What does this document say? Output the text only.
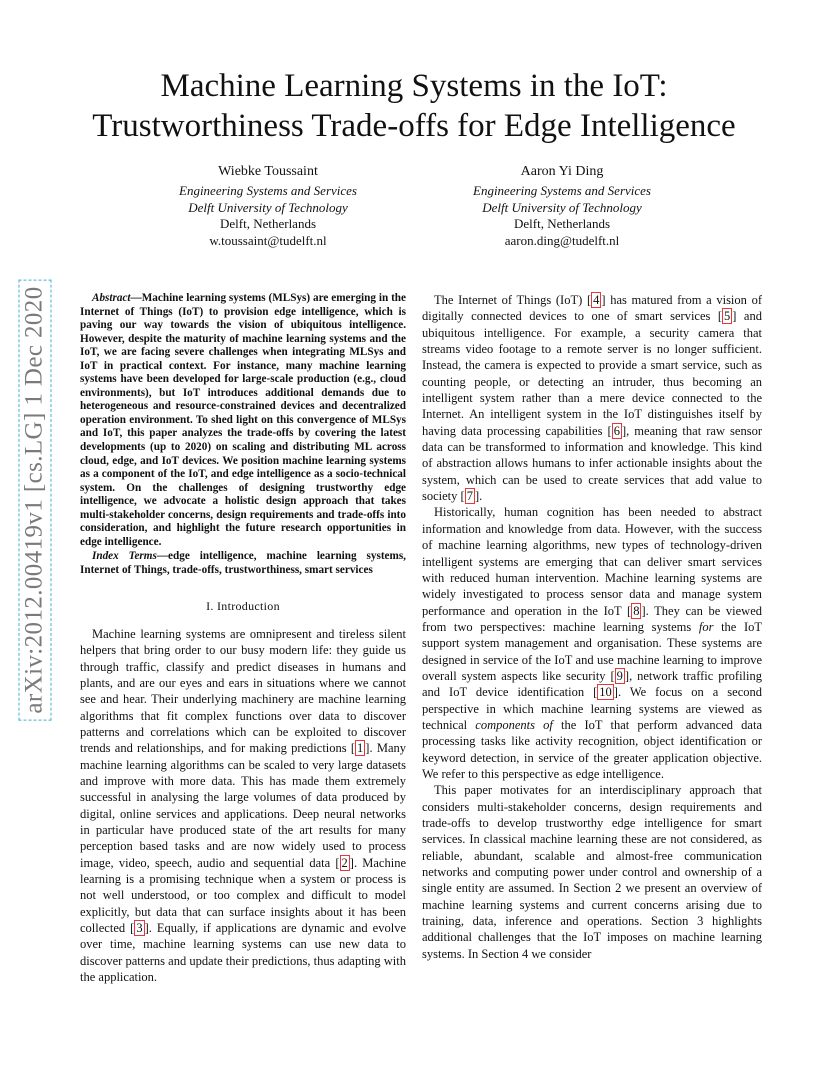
arXiv:2012.00419v1 [cs.LG] 1 Dec 2020
Machine Learning Systems in the IoT:
Trustworthiness Trade-offs for Edge Intelligence
Wiebke Toussaint
Engineering Systems and Services
Delft University of Technology
Delft, Netherlands
w.toussaint@tudelft.nl
Aaron Yi Ding
Engineering Systems and Services
Delft University of Technology
Delft, Netherlands
aaron.ding@tudelft.nl
Abstract—Machine learning systems (MLSys) are emerging in the Internet of Things (IoT) to provision edge intelligence, which is paving our way towards the vision of ubiquitous intelligence. However, despite the maturity of machine learning systems and the IoT, we are facing severe challenges when integrating MLSys and IoT in practical context. For instance, many machine learning systems have been developed for large-scale production (e.g., cloud environments), but IoT introduces additional demands due to heterogeneous and resource-constrained devices and decentralized operation environment. To shed light on this convergence of MLSys and IoT, this paper analyzes the trade-offs by covering the latest developments (up to 2020) on scaling and distributing ML across cloud, edge, and IoT devices. We position machine learning systems as a component of the IoT, and edge intelligence as a socio-technical system. On the challenges of designing trustworthy edge intelligence, we advocate a holistic design approach that takes multi-stakeholder concerns, design requirements and trade-offs into consideration, and highlight the future research opportunities in edge intelligence.
Index Terms—edge intelligence, machine learning systems, Internet of Things, trade-offs, trustworthiness, smart services
I. Introduction

Machine learning systems are omnipresent and tireless silent helpers that bring order to our busy modern life: they guide us through traffic, classify and predict diseases in humans and plants, and are our eyes and ears in situations where we cannot see and hear. Their underlying machinery are machine learning algorithms that fit complex functions over data to discover patterns and correlations which can be exploited to discover trends and relationships, and for making predictions [ 1 ]. Many machine learning algorithms can be scaled to very large datasets and improve with more data. This has made them extremely successful in analysing the large volumes of data produced by digital, online services and applications. Deep neural networks in particular have produced state of the art results for many perception based tasks and are now widely used to process image, video, speech, audio and sequential data [ 2 ]. Machine learning is a promising technique when a system or process is not well understood, or too complex and difficult to model explicitly, but data that can surface insights about it has been collected [ 3 ]. Equally, if applications are dynamic and evolve over time, machine learning systems can use new data to discover patterns and update their predictions, thus adapting with the application.

The Internet of Things (IoT) [ 4 ] has matured from a vision of digitally connected devices to one of smart services [ 5 ] and ubiquitous intelligence. For example, a security camera that streams video footage to a remote server is no longer sufficient. Instead, the camera is expected to provide a smart service, such as counting people, or detecting an intruder, thus becoming an intelligent system rather than a mere device connected to the Internet. An intelligent system in the IoT distinguishes itself by having data processing capabilities [ 6 ], meaning that raw sensor data can be transformed to information and knowledge. This kind of abstraction allows humans to infer actionable insights about the system, which can be used to create services that add value to society [ 7 ].

Historically, human cognition has been needed to abstract information and knowledge from data. However, with the success of machine learning algorithms, new types of technology-driven intelligent systems are emerging that can deliver smart services with reduced human intervention. Machine learning systems are widely investigated to process sensor data and manage system performance and operation in the IoT [ 8 ]. They can be viewed from two perspectives: machine learning systems for the IoT support system management and organisation. These systems are designed in service of the IoT and use machine learning to improve overall system aspects like security [ 9 ], network traffic profiling and IoT device identification [ 10 ]. We focus on a second perspective in which machine learning systems are viewed as technical components of the IoT that perform advanced data processing tasks like activity recognition, object identification or keyword detection, in service of the greater application objective. We refer to this perspective as edge intelligence.

This paper motivates for an interdisciplinary approach that considers multi-stakeholder concerns, design requirements and trade-offs to develop trustworthy edge intelligence for smart services. In classical machine learning these are not considered, as reliable, abundant, scalable and almost-free communication networks and computing power under control and ownership of a single entity are assumed. In Section 2 we present an overview of machine learning systems and current concerns arising due to training, data, inference and operations. Section 3 highlights additional challenges that the IoT imposes on machine learning systems. In Section 4 we consider
